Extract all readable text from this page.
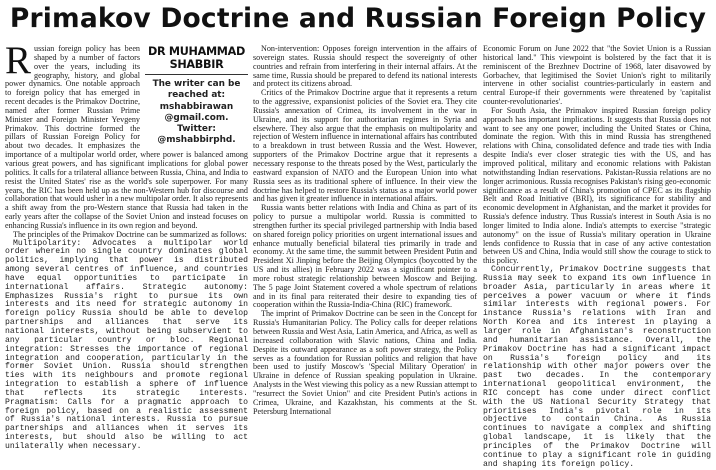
Primakov Doctrine and Russian Foreign Policy
DR MUHAMMAD SHABBIR
The writer can be
reached at:
mshabbirawan
@gmail.com. Twitter:
@mshabbirphd.
R ussian foreign policy has been shaped by a number of factors over the years, including its geography, history, and global power dynamics. One notable approach to foreign policy that has emerged in recent decades is the Primakov Doctrine, named after former Russian Prime Minister and Foreign Minister Yevgeny Primakov. This doctrine formed the pillars of Russian Foreign Policy for about two decades. It emphasizes the importance of a multipolar world order, where power is balanced among various great powers, and has significant implications for global power politics. It calls for a trilateral alliance between Russia, China, and India to resist the United States' rise as the world's sole superpower. For many years, the RIC has been held up as the non-Western hub for discourse and collaboration that would usher in a new multipolar order. It also represents a shift away from the pro-Western stance that Russia had taken in the early years after the collapse of the Soviet Union and instead focuses on enhancing Russia's influence in its own region and beyond.

The principles of the Primakov Doctrine can be summarized as follows:

Multipolarity: Advocates a multipolar world order wherein no single country dominates global politics, implying that power is distributed among several centres of influence, and countries have equal opportunities to participate in international affairs. Strategic autonomy: Emphasizes Russia's right to pursue its own interests and its need for strategic autonomy in foreign policy Russia should be able to develop partnerships and alliances that serve its national interests, without being subservient to any particular country or bloc. Regional integration: Stresses the importance of regional integration and cooperation, particularly in the former Soviet Union. Russia should strengthen ties with its neighbours and promote regional integration to establish a sphere of influence that reflects its strategic interests. Pragmatism: Calls for a pragmatic approach to foreign policy, based on a realistic assessment of Russia's national interests. Russia to pursue partnerships and alliances when it serves its interests, but should also be willing to act unilaterally when necessary.

Non-intervention: Opposes foreign intervention in the affairs of sovereign states. Russia should respect the sovereignty of other countries and refrain from interfering in their internal affairs. At the same time, Russia should be prepared to defend its national interests and protect its citizens abroad.

Critics of the Primakov Doctrine argue that it represents a return to the aggressive, expansionist policies of the Soviet era. They cite Russia's annexation of Crimea, its involvement in the war in Ukraine, and its support for authoritarian regimes in Syria and elsewhere. They also argue that the emphasis on multipolarity and rejection of Western influence in international affairs has contributed to a breakdown in trust between Russia and the West. However, supporters of the Primakov Doctrine argue that it represents a necessary response to the threats posed by the West, particularly the eastward expansion of NATO and the European Union into what Russia sees as its traditional sphere of influence. In their view the doctrine has helped to restore Russia's status as a major world power and has given it greater influence in international affairs.

Russia wants better relations with India and China as part of its policy to pursue a multipolar world. Russia is committed to strengthen further its special privileged partnership with India based on shared foreign policy priorities on urgent international issues and enhance mutually beneficial bilateral ties primarily in trade and economy. At the same time, the summit between President Putin and President Xi Jinping before the Beijing Olympics (boycotted by the US and its allies) in February 2022 was a significant pointer to a more robust strategic relationship between Moscow and Beijing. The 5 page Joint Statement covered a whole spectrum of relations and in its final para reiterated their desire to expanding ties of cooperation within the Russia-India-China (RIC) framework.

The imprint of Primakov Doctrine can be seen in the Concept for Russia's Humanitarian Policy. The Policy calls for deeper relations between Russia and West Asia, Latin America, and Africa, as well as increased collaboration with Slavic nations, China and India. Despite its outward appearance as a soft power strategy, the Policy serves as a foundation for Russian politics and religion that have been used to justify Moscow's 'Special Military Operation' in Ukraine in defence of Russian speaking population in Ukraine. Analysts in the West viewing this policy as a new Russian attempt to "resurrect the Soviet Union" and cite President Putin's actions in Crimea, Ukraine, and Kazakhstan, his comments at the St. Petersburg International

Economic Forum on June 2022 that "the Soviet Union is a Russian historical land." This viewpoint is bolstered by the fact that it is reminiscent of the Brezhnev Doctrine of 1968, later disavowed by Gorbachev, that legitimised the Soviet Union's right to militarily intervene in other socialist countries-particularly in eastern and central Europe-if their governments were threatened by 'capitalist counter-revolutionaries'.

For South Asia, the Primakov inspired Russian foreign policy approach has important implications. It suggests that Russia does not want to see any one power, including the United States or China, dominate the region. With this in mind Russia has strengthened relations with China, consolidated defence and trade ties with India despite India's ever closer strategic ties with the US, and has improved political, military and economic relations with Pakistan notwithstanding Indian reservations. Pakistan-Russia relations are no longer acrimonious. Russia recognises Pakistan's rising geo-economic significance as a result of China's promotion of CPEC as its flagship Belt and Road Initiative (BRI), its significance for stability and economic development in Afghanistan, and the market it provides for Russia's defence industry. Thus Russia's interest in South Asia is no longer limited to India alone. India's attempts to exercise "strategic autonomy" on the issue of Russia's military operation in Ukraine lends confidence to Russia that in case of any active contestation between US and China, India would still show the courage to stick to this policy.

Concurrently, Primakov Doctrine suggests that Russia may seek to expand its own influence in broader Asia, particularly in areas where it perceives a power vacuum or where it finds similar interests with regional powers. For instance Russia's relations with Iran and North Korea and its interest in playing a larger role in Afghanistan's reconstruction and humanitarian assistance. Overall, the Primakov Doctrine has had a significant impact on Russia's foreign policy and its relationship with other major powers over the past two decades. In the contemporary international geopolitical environment, the RIC concept has come under direct conflict with the US National Security Strategy that prioritises India's pivotal role in its objective to contain China. As Russia continues to navigate a complex and shifting global landscape, it is likely that the principles of the Primakov Doctrine will continue to play a significant role in guiding and shaping its foreign policy.
